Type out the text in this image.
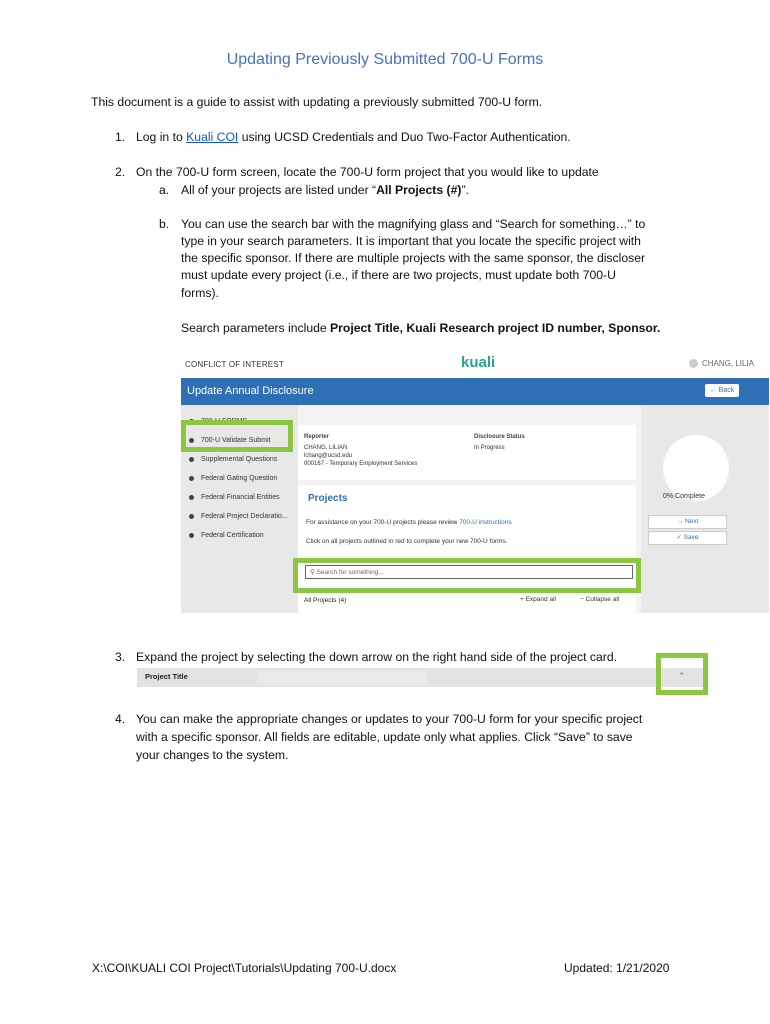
Updating Previously Submitted 700-U Forms
This document is a guide to assist with updating a previously submitted 700-U form.
1. Log in to Kuali COI using UCSD Credentials and Duo Two-Factor Authentication.
2. On the 700-U form screen, locate the 700-U form project that you would like to update
a. All of your projects are listed under “All Projects (#)”.
b. You can use the search bar with the magnifying glass and “Search for something…” to
type in your search parameters. It is important that you locate the specific project with
the specific sponsor. If there are multiple projects with the same sponsor, the discloser
must update every project (i.e., if there are two projects, must update both 700-U
forms).
Search parameters include Project Title, Kuali Research project ID number, Sponsor.
CONFLICT OF INTEREST	kuali	CHANG, LILIA
Update Annual Disclosure	← Back
700-U FORMS
700-U Validate Submit
Supplemental Questions
Federal Gating Question
Federal Financial Entities
Federal Project Declaratio...
Federal Certification
Reporter
CHANG, LILIAN
lchang@ucsd.edu
000167 - Temporary Employment Services
Disclosure Status
In Progress
Projects
For assistance on your 700-U projects please review 700-U instructions
Click on all projects outlined in red to complete your new 700-U forms.
⚲ Search for something...
All Projects (4)	+ Expand all	− Collapse all
0% Complete
→ Next
✓ Save
3. Expand the project by selecting the down arrow on the right hand side of the project card.
Project Title	⌃
4. You can make the appropriate changes or updates to your 700-U form for your specific project
with a specific sponsor. All fields are editable, update only what applies. Click “Save” to save
your changes to the system.
X:\COI\KUALI COI Project\Tutorials\Updating 700-U.docx	Updated: 1/21/2020
